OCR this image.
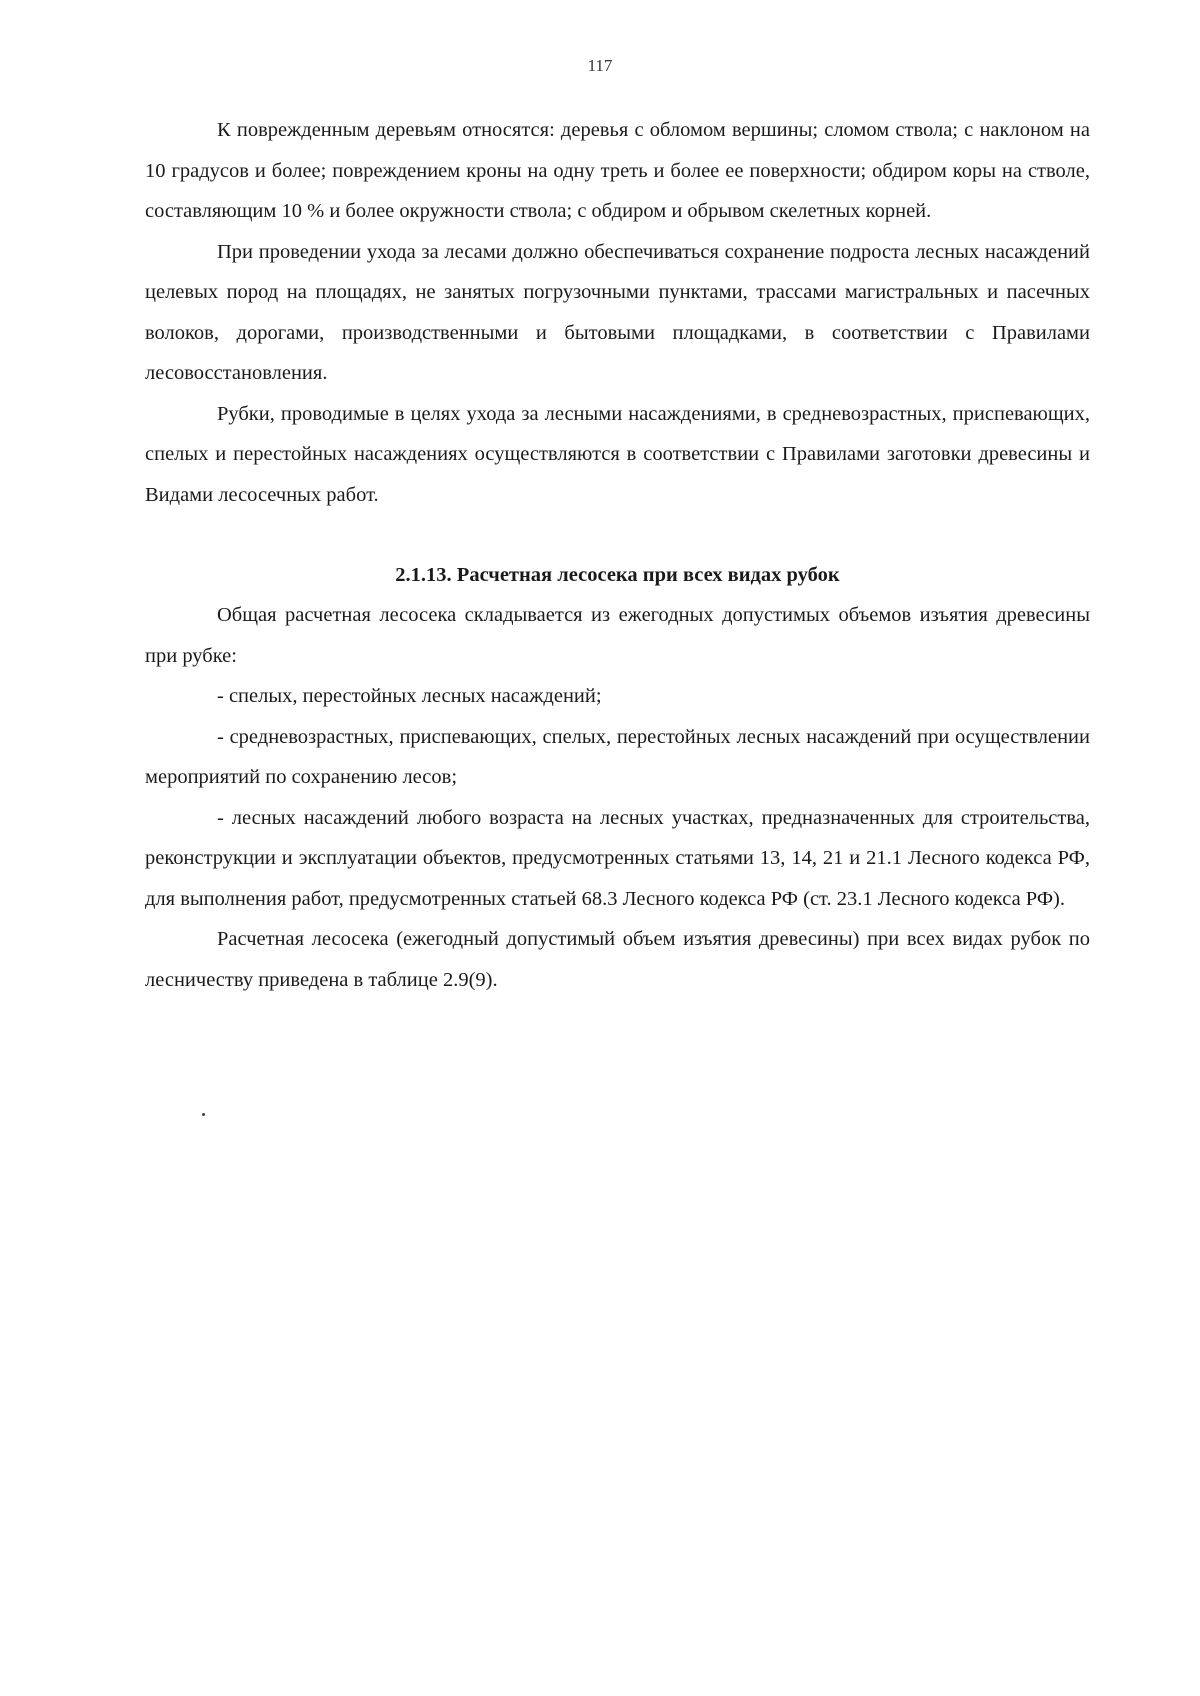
117

К поврежденным деревьям относятся: деревья с обломом вершины; сломом ствола; с наклоном на 10 градусов и более; повреждением кроны на одну треть и более ее поверхности; обдиром коры на стволе, составляющим 10 % и более окружности ствола; с обдиром и обрывом скелетных корней.

При проведении ухода за лесами должно обеспечиваться сохранение подроста лесных насаждений целевых пород на площадях, не занятых погрузочными пунктами, трассами магистральных и пасечных волоков, дорогами, производственными и бытовыми площадками, в соответствии с Правилами лесовосстановления.

Рубки, проводимые в целях ухода за лесными насаждениями, в средневозрастных, приспевающих, спелых и перестойных насаждениях осуществляются в соответствии с Правилами заготовки древесины и Видами лесосечных работ.

2.1.13. Расчетная лесосека при всех видах рубок

Общая расчетная лесосека складывается из ежегодных допустимых объемов изъятия древесины при рубке:

- спелых, перестойных лесных насаждений;

- средневозрастных, приспевающих, спелых, перестойных лесных насаждений при осуществлении мероприятий по сохранению лесов;

- лесных насаждений любого возраста на лесных участках, предназначенных для строительства, реконструкции и эксплуатации объектов, предусмотренных статьями 13, 14, 21 и 21.1 Лесного кодекса РФ, для выполнения работ, предусмотренных статьей 68.3 Лесного кодекса РФ (ст. 23.1 Лесного кодекса РФ).

Расчетная лесосека (ежегодный допустимый объем изъятия древесины) при всех видах рубок по лесничеству приведена в таблице 2.9(9).
